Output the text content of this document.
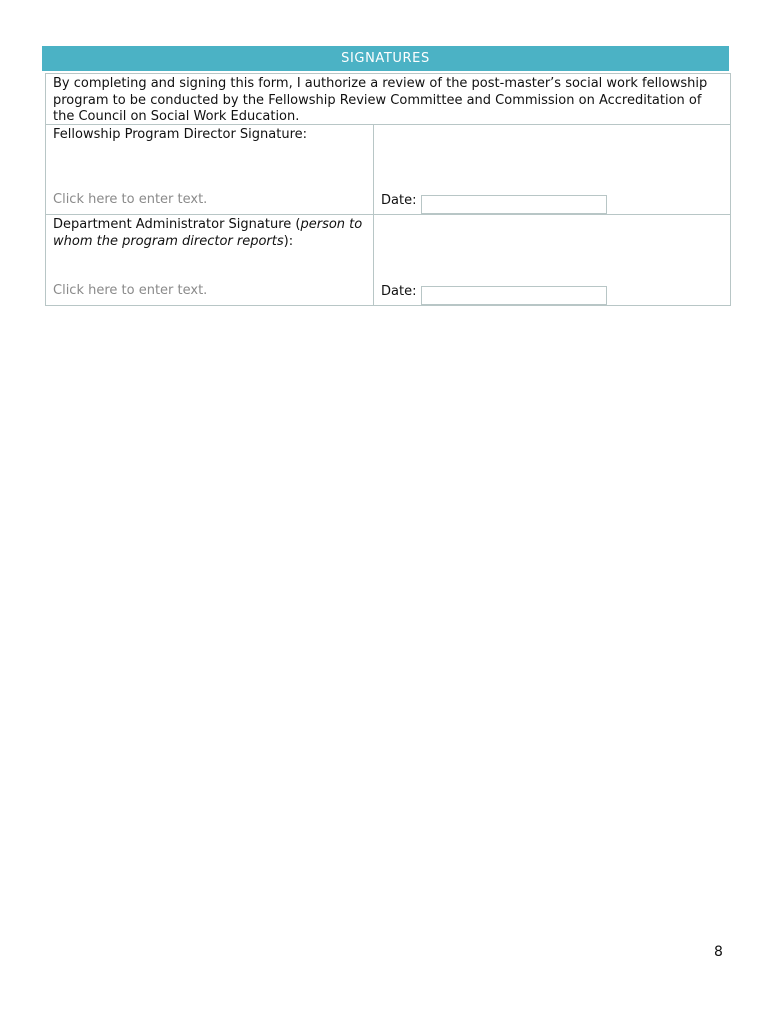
SIGNATURES
By completing and signing this form, I authorize a review of the post-master’s social work fellowship program to be conducted by the Fellowship Review Committee and Commission on Accreditation of the Council on Social Work Education.
Fellowship Program Director Signature:
Click here to enter text.	Date:
Department Administrator Signature (person to whom the program director reports):
Click here to enter text.	Date:
8
